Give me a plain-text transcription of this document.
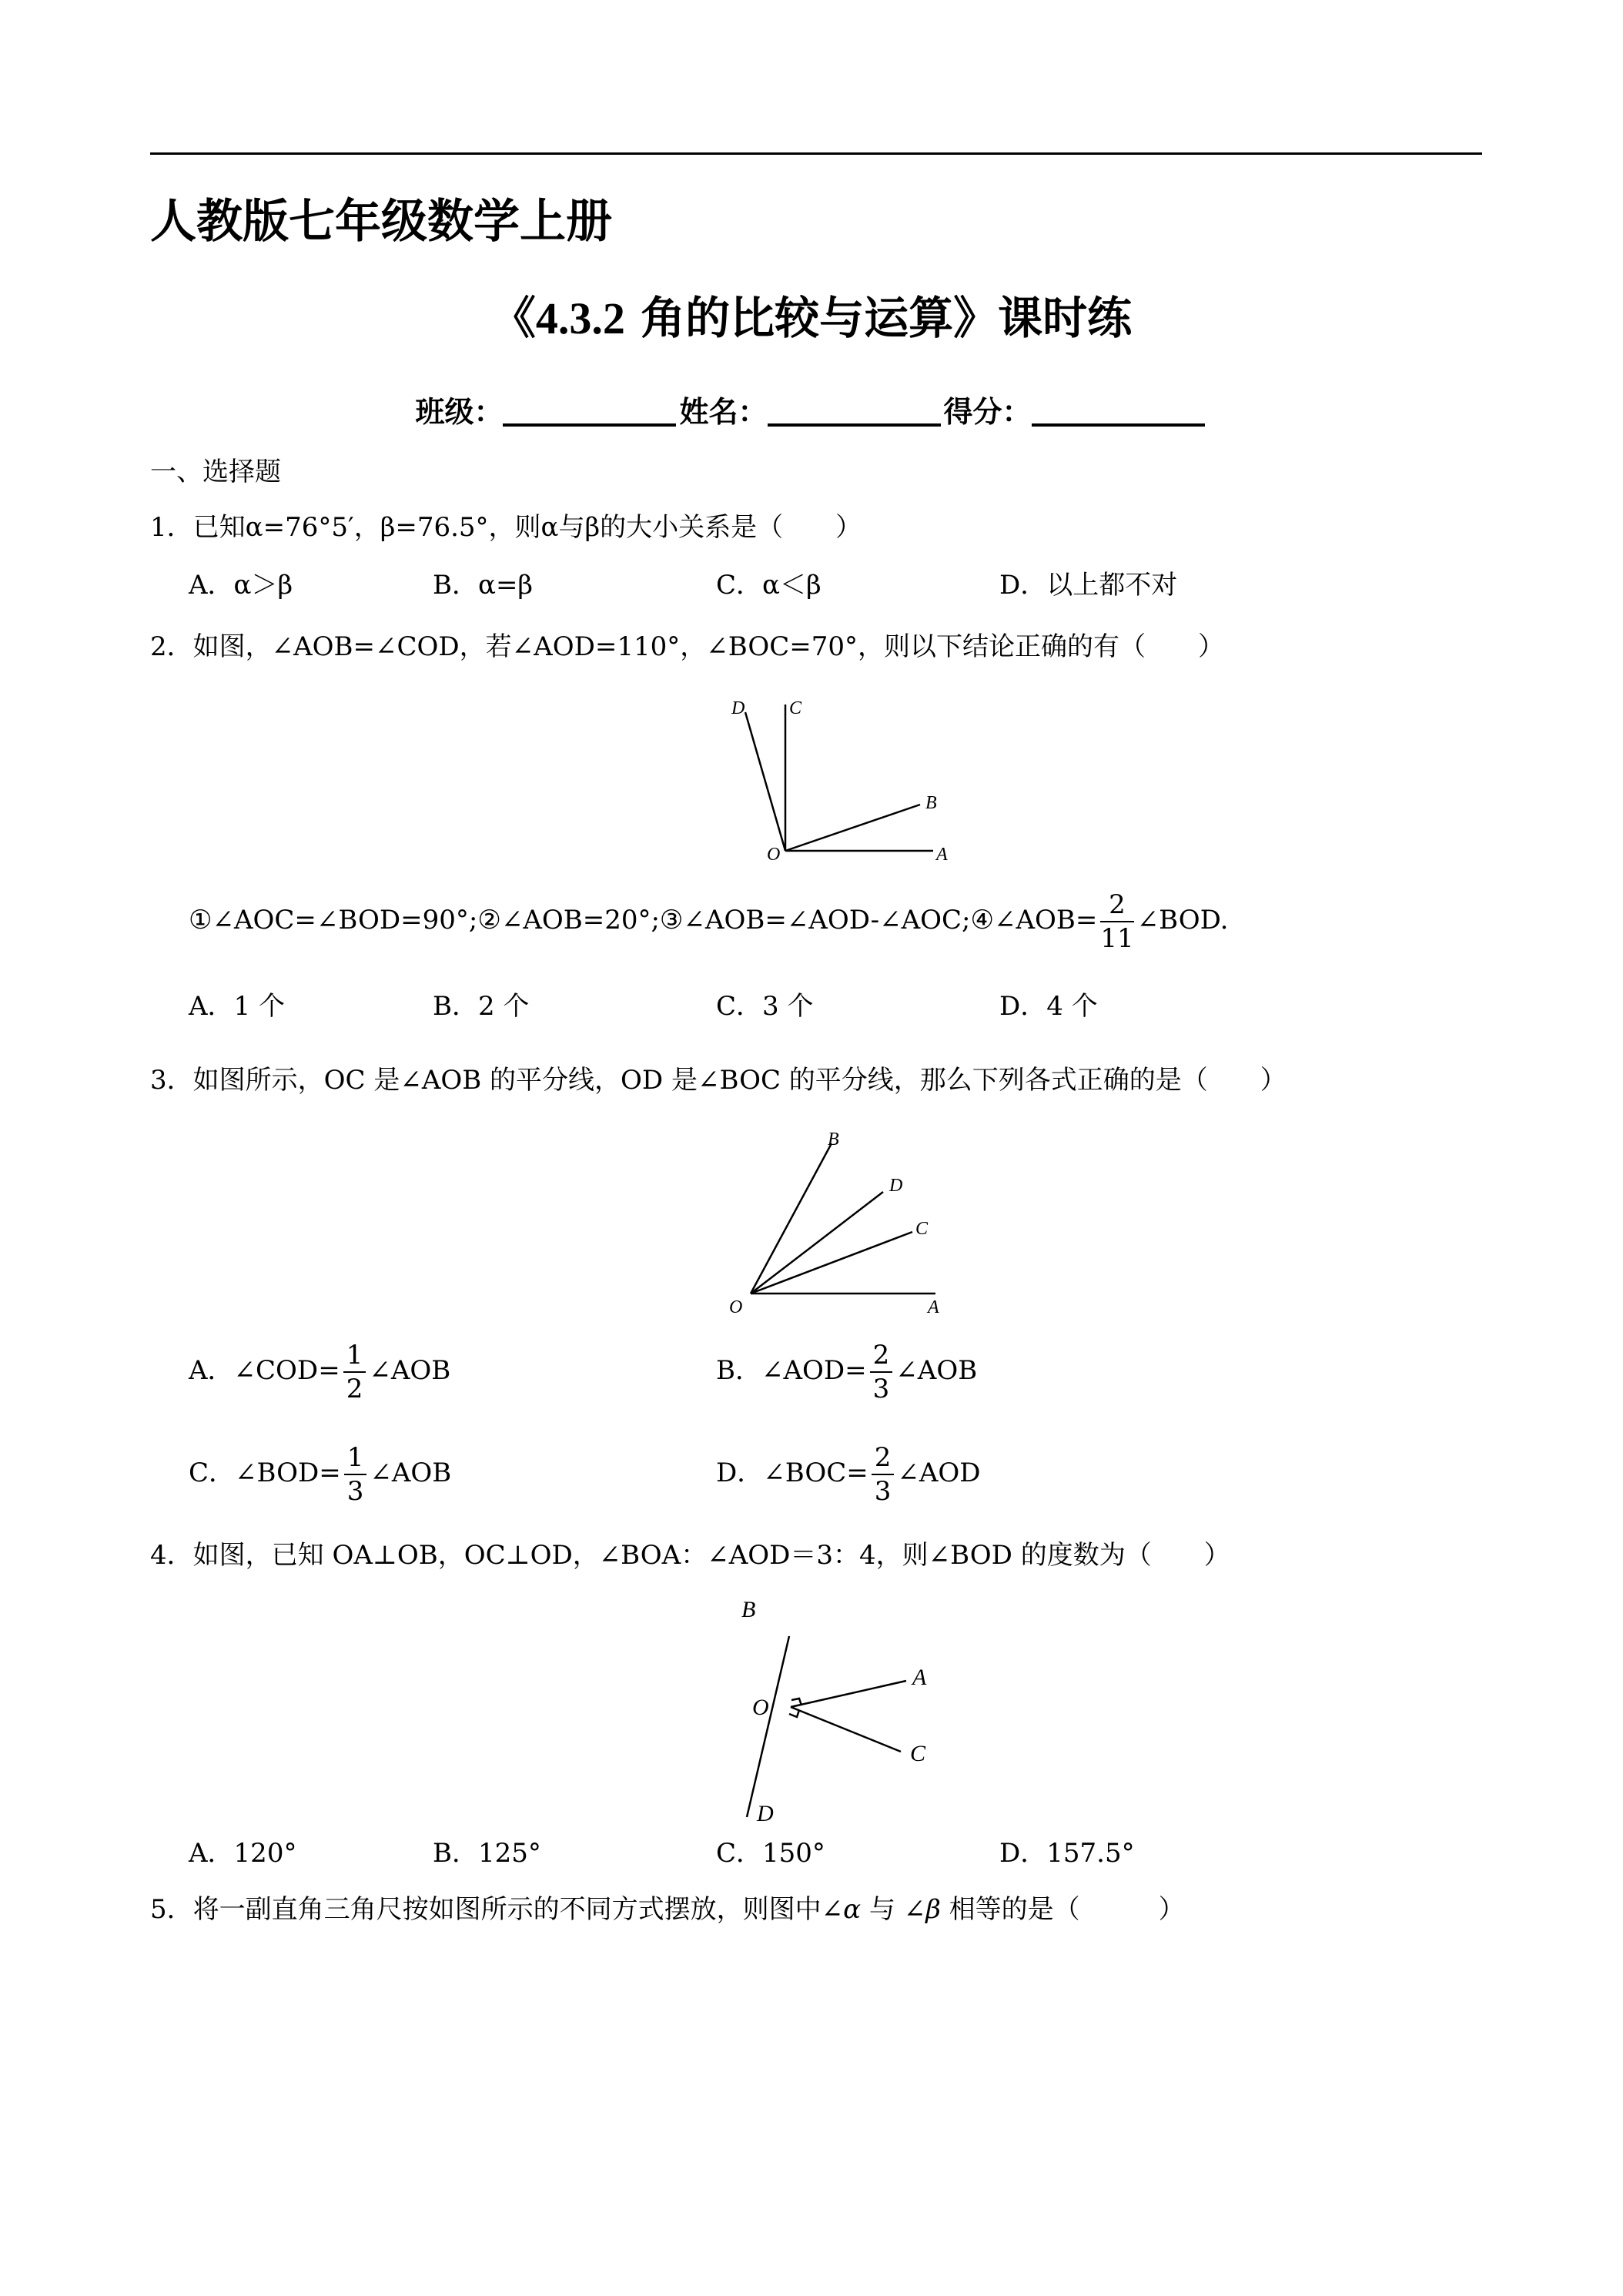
人教版七年级数学上册
《4.3.2 角的比较与运算》课时练
班级：	姓名：	得分：
一、选择题
1．已知α=76°5′，β=76.5°，则α与β的大小关系是（　　）
A．α＞β	B．α=β	C．α＜β	D．以上都不对
2．如图，∠AOB=∠COD，若∠AOD=110°，∠BOC=70°，则以下结论正确的有（　　）
D C
B
O	A
①∠AOC=∠BOD=90°;②∠AOB=20°;③∠AOB=∠AOD-∠AOC;④∠AOB= $\frac{2}{11}$ ∠BOD.
A．1 个	B．2 个	C．3 个	D．4 个
3．如图所示，OC 是∠AOB 的平分线，OD 是∠BOC 的平分线，那么下列各式正确的是（　　）
B
D
C
O	A
A．∠COD= $\frac{1}{2}$ ∠AOB	B．∠AOD= $\frac{2}{3}$ ∠AOB
C．∠BOD= $\frac{1}{3}$ ∠AOB	D．∠BOC= $\frac{2}{3}$ ∠AOD
4．如图，已知 OA⊥OB，OC⊥OD，∠BOA：∠AOD＝3：4，则∠BOD 的度数为（　　）
B
A
O
C
D
A．120°	B．125°	C．150°	D．157.5°
5．将一副直角三角尺按如图所示的不同方式摆放，则图中∠α 与 ∠β 相等的是（　　　）
